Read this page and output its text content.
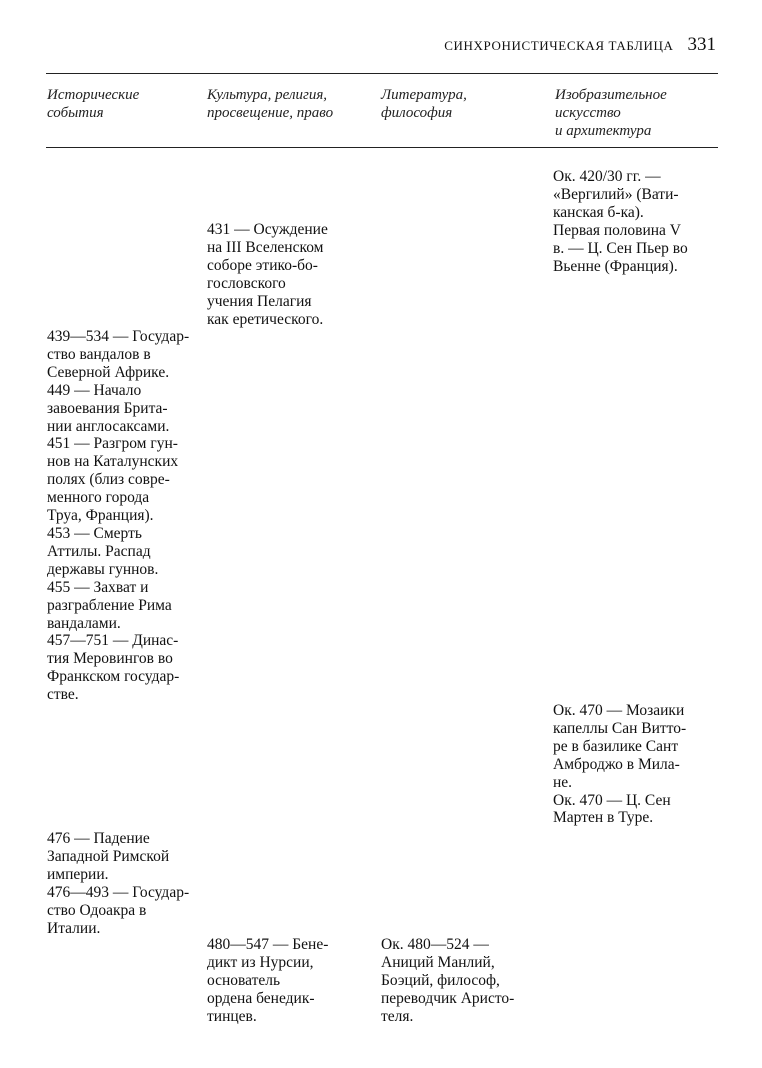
СИНХРОНИСТИЧЕСКАЯ ТАБЛИЦА 331
Исторические
события
Культура, религия,
просвещение, право
Литература,
философия
Изобразительное
искусство
и архитектура
Ок. 420/30 гг. —
«Вергилий» (Вати-
канская б-ка).
Первая половина V
в. — Ц. Сен Пьер во
Вьенне (Франция).
431 — Осуждение
на III Вселенском
соборе этико-бо-
гословского
учения Пелагия
как еретического.
439—534 — Государ-
ство вандалов в
Северной Африке.
449 — Начало
завоевания Брита-
нии англосаксами.
451 — Разгром гун-
нов на Каталунских
полях (близ совре-
менного города
Труа, Франция).
453 — Смерть
Аттилы. Распад
державы гуннов.
455 — Захват и
разграбление Рима
вандалами.
457—751 — Динас-
тия Меровингов во
Франкском государ-
стве.
Ок. 470 — Мозаики
капеллы Сан Витто-
ре в базилике Сант
Амброджо в Мила-
не.
Ок. 470 — Ц. Сен
Мартен в Туре.
476 — Падение
Западной Римской
империи.
476—493 — Государ-
ство Одоакра в
Италии.
480—547 — Бене-
дикт из Нурсии,
основатель
ордена бенедик-
тинцев.
Ок. 480—524 —
Аниций Манлий,
Боэций, философ,
переводчик Аристо-
теля.
